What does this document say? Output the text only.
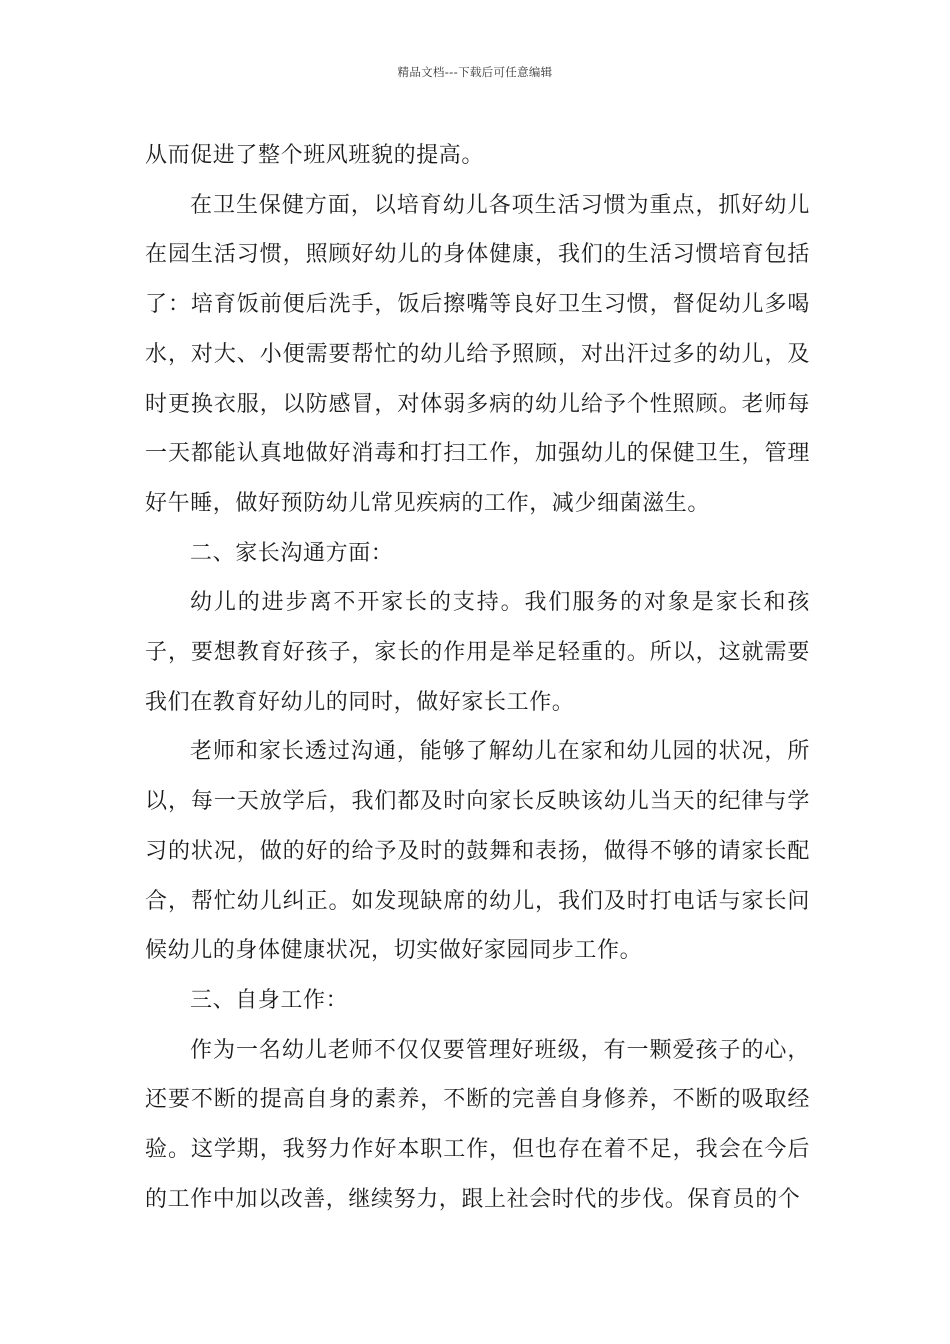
精品文档---下载后可任意编辑

从而促进了整个班风班貌的提高。

在卫生保健方面，以培育幼儿各项生活习惯为重点，抓好幼儿在园生活习惯，照顾好幼儿的身体健康，我们的生活习惯培育包括了：培育饭前便后洗手，饭后擦嘴等良好卫生习惯，督促幼儿多喝水，对大、小便需要帮忙的幼儿给予照顾，对出汗过多的幼儿，及时更换衣服，以防感冒，对体弱多病的幼儿给予个性照顾。老师每一天都能认真地做好消毒和打扫工作，加强幼儿的保健卫生，管理好午睡，做好预防幼儿常见疾病的工作，减少细菌滋生。

二、家长沟通方面：

幼儿的进步离不开家长的支持。我们服务的对象是家长和孩子，要想教育好孩子，家长的作用是举足轻重的。所以，这就需要我们在教育好幼儿的同时，做好家长工作。

老师和家长透过沟通，能够了解幼儿在家和幼儿园的状况，所以，每一天放学后，我们都及时向家长反映该幼儿当天的纪律与学习的状况，做的好的给予及时的鼓舞和表扬，做得不够的请家长配合，帮忙幼儿纠正。如发现缺席的幼儿，我们及时打电话与家长问候幼儿的身体健康状况，切实做好家园同步工作。

三、自身工作：

作为一名幼儿老师不仅仅要管理好班级，有一颗爱孩子的心，还要不断的提高自身的素养，不断的完善自身修养，不断的吸取经验。这学期，我努力作好本职工作，但也存在着不足，我会在今后的工作中加以改善，继续努力，跟上社会时代的步伐。保育员的个
